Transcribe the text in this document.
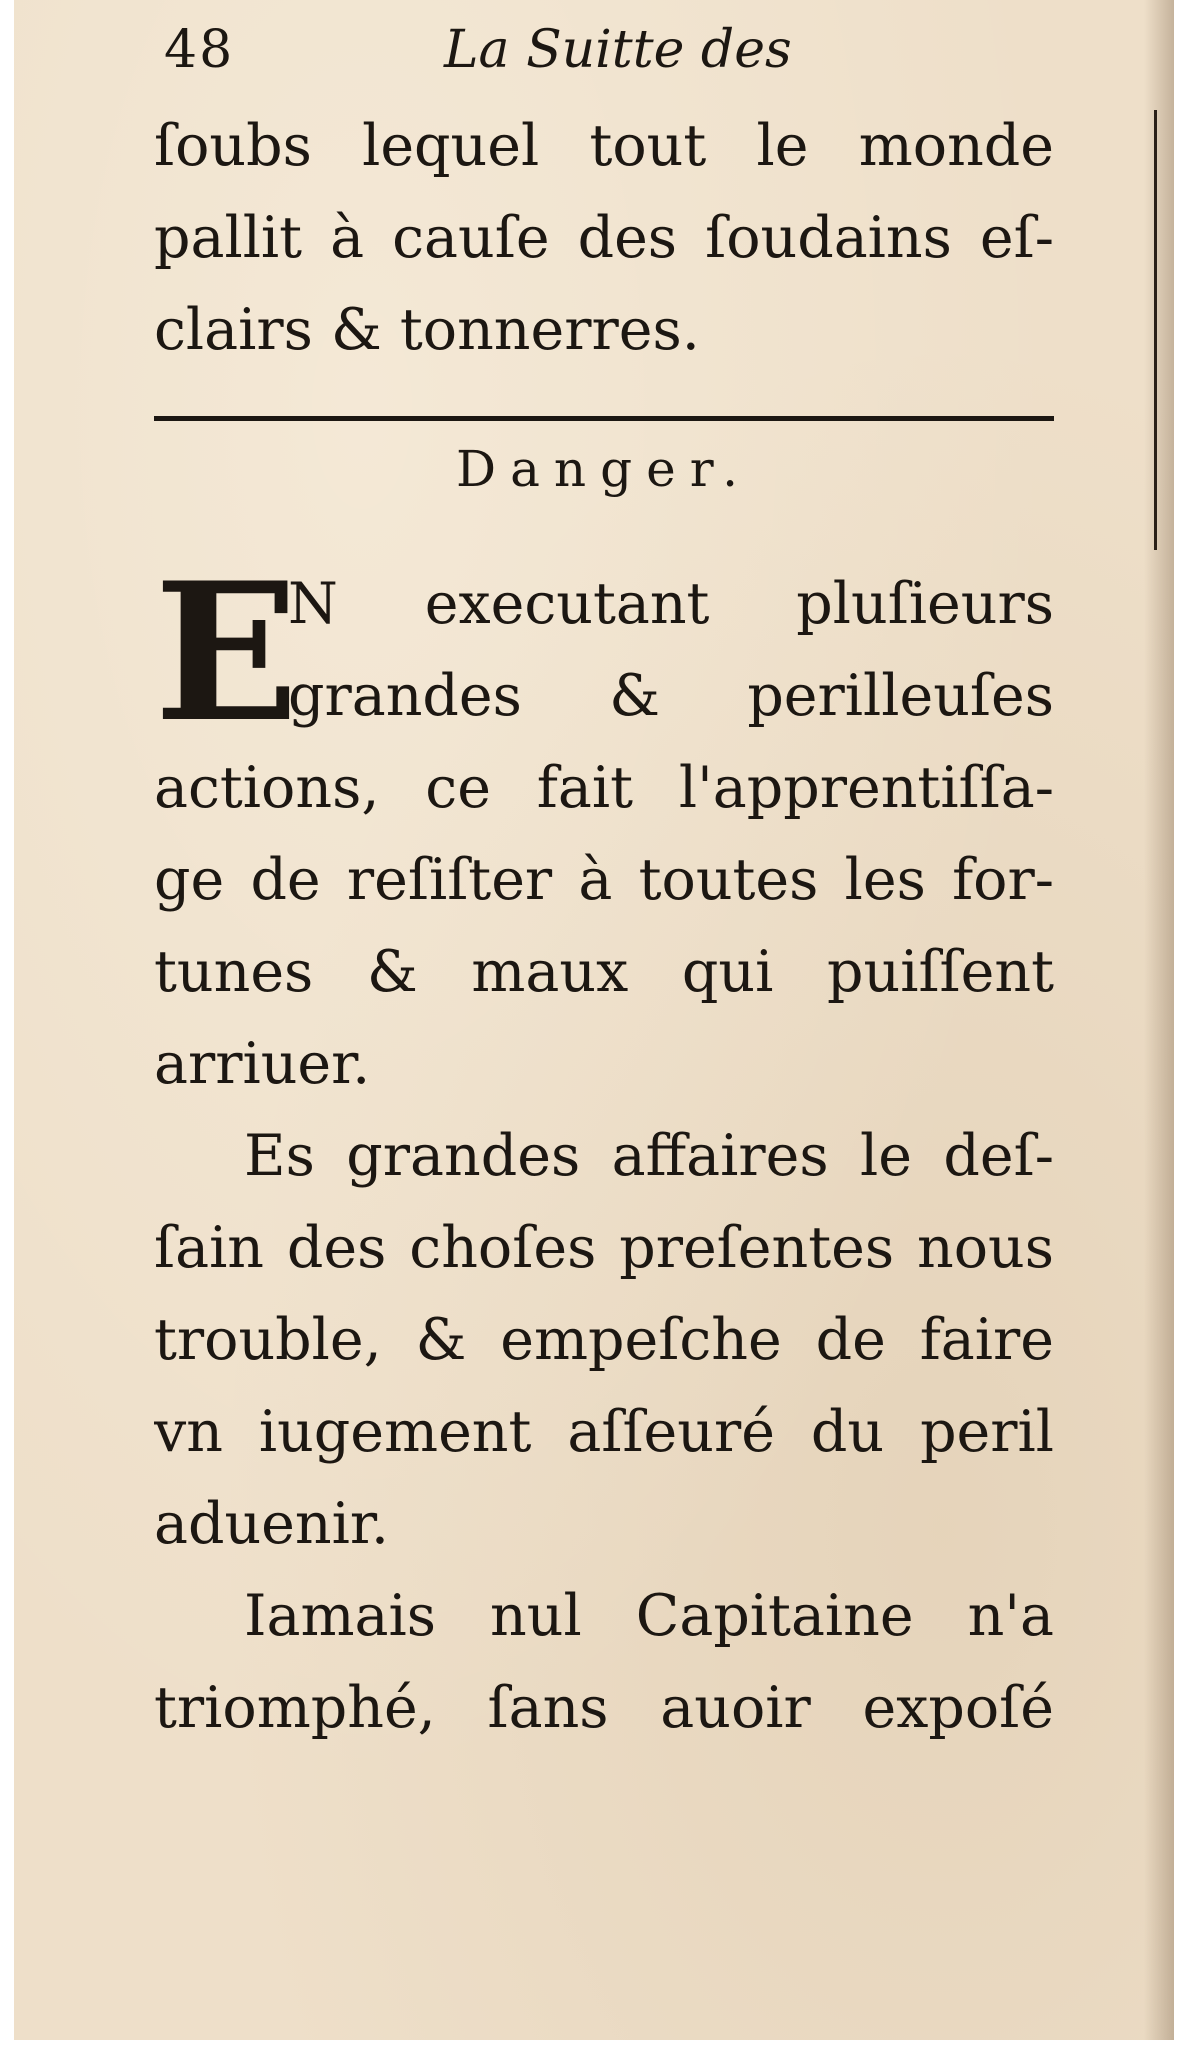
48	La Suitte des
ſoubs lequel tout le monde
pallit à cauſe des ſoudains eſ-
clairs & tonnerres.
Danger.
E
N executant pluſieurs
grandes & perilleuſes
actions, ce fait l'apprentiſſa-
ge de reſiſter à toutes les for-
tunes & maux qui puiſſent
arriuer.
Es grandes affaires le deſ-
ſain des choſes preſentes nous
trouble, & empeſche de faire
vn iugement aſſeuré du peril
aduenir.
Iamais nul Capitaine n'a
triomphé, ſans auoir expoſé
